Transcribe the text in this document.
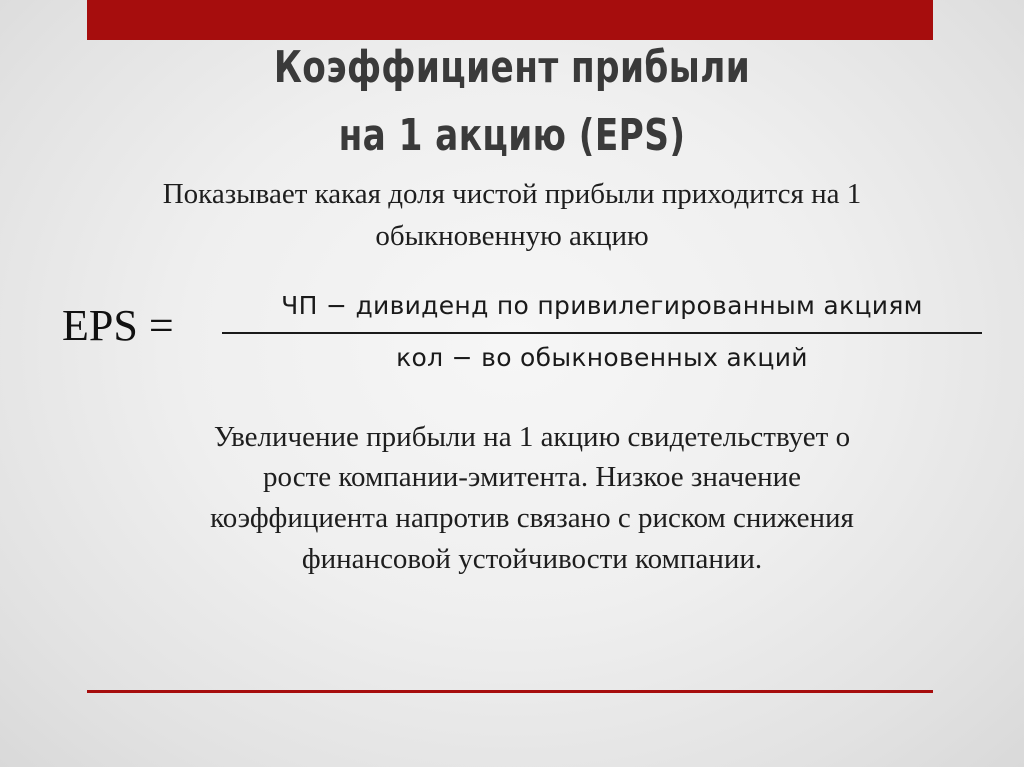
Коэффициент прибыли
на 1 акцию (EPS)
Показывает какая доля чистой прибыли приходится на 1
обыкновенную акцию
EPS =	ЧП − дивиденд по привилегированным акциям
кол − во обыкновенных акций
Увеличение прибыли на 1 акцию свидетельствует о
росте компании-эмитента. Низкое значение
коэффициента напротив связано с риском снижения
финансовой устойчивости компании.
